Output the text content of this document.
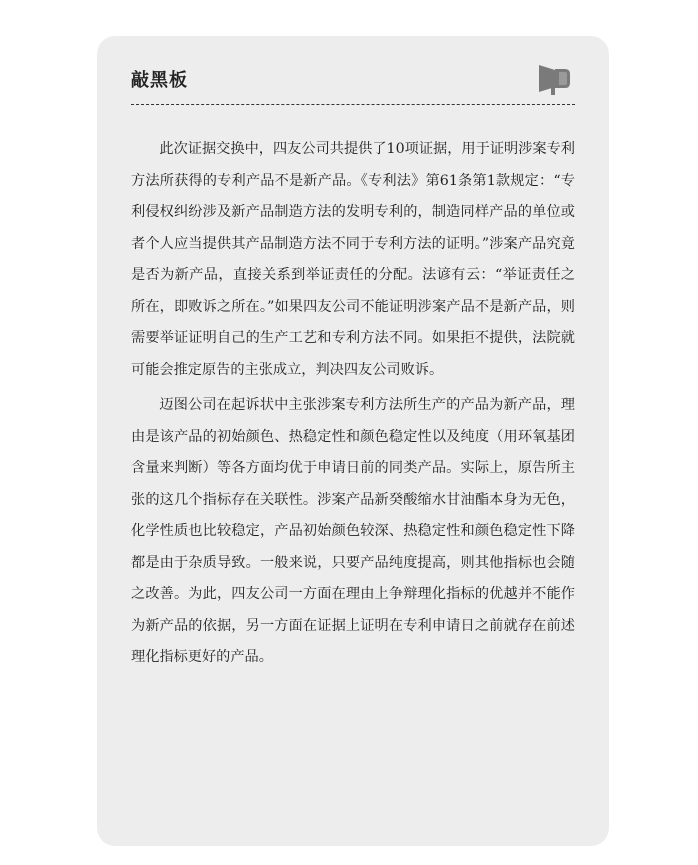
敲黑板

此次证据交换中，四友公司共提供了10项证据，用于证明涉案专利方法所获得的专利产品不是新产品。《专利法》第61条第1款规定：“专利侵权纠纷涉及新产品制造方法的发明专利的，制造同样产品的单位或者个人应当提供其产品制造方法不同于专利方法的证明。”涉案产品究竟是否为新产品，直接关系到举证责任的分配。法谚有云：“举证责任之所在，即败诉之所在。”如果四友公司不能证明涉案产品不是新产品，则需要举证证明自己的生产工艺和专利方法不同。如果拒不提供，法院就可能会推定原告的主张成立，判决四友公司败诉。

迈图公司在起诉状中主张涉案专利方法所生产的产品为新产品，理由是该产品的初始颜色、热稳定性和颜色稳定性以及纯度（用环氧基团含量来判断）等各方面均优于申请日前的同类产品。实际上，原告所主张的这几个指标存在关联性。涉案产品新癸酸缩水甘油酯本身为无色，化学性质也比较稳定，产品初始颜色较深、热稳定性和颜色稳定性下降都是由于杂质导致。一般来说，只要产品纯度提高，则其他指标也会随之改善。为此，四友公司一方面在理由上争辩理化指标的优越并不能作为新产品的依据，另一方面在证据上证明在专利申请日之前就存在前述理化指标更好的产品。
